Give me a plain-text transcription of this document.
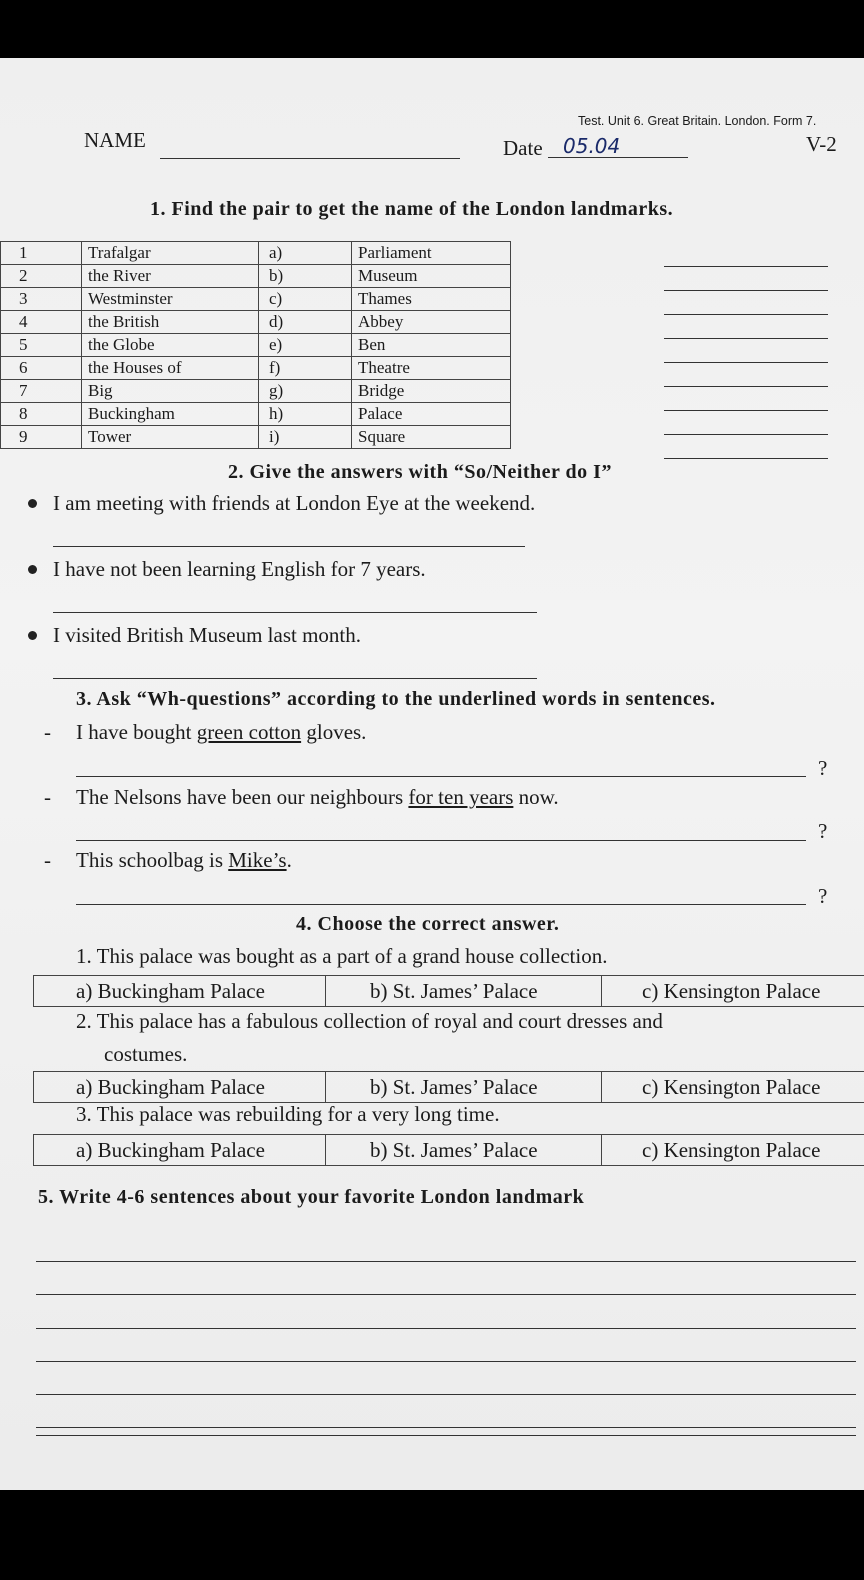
Test. Unit 6. Great Britain. London. Form 7.
NAME	Date 05.04	V-2
1. Find the pair to get the name of the London landmarks.
1	Trafalgar	a)	Parliament
2	the River	b)	Museum
3	Westminster	c)	Thames
4	the British	d)	Abbey
5	the Globe	e)	Ben
6	the Houses of	f)	Theatre
7	Big	g)	Bridge
8	Buckingham	h)	Palace
9	Tower	i)	Square
2. Give the answers with “So/Neither do I”
I am meeting with friends at London Eye at the weekend.
I have not been learning English for 7 years.
I visited British Museum last month.
3. Ask “Wh-questions” according to the underlined words in sentences.
- I have bought green cotton gloves.
?
- The Nelsons have been our neighbours for ten years now.
?
- This schoolbag is Mike’s.
?
4. Choose the correct answer.
1. This palace was bought as a part of a grand house collection.
a) Buckingham Palace	b) St. James’ Palace	c) Kensington Palace
2. This palace has a fabulous collection of royal and court dresses and
costumes.
a) Buckingham Palace	b) St. James’ Palace	c) Kensington Palace
3. This palace was rebuilding for a very long time.
a) Buckingham Palace	b) St. James’ Palace	c) Kensington Palace
5. Write 4-6 sentences about your favorite London landmark
